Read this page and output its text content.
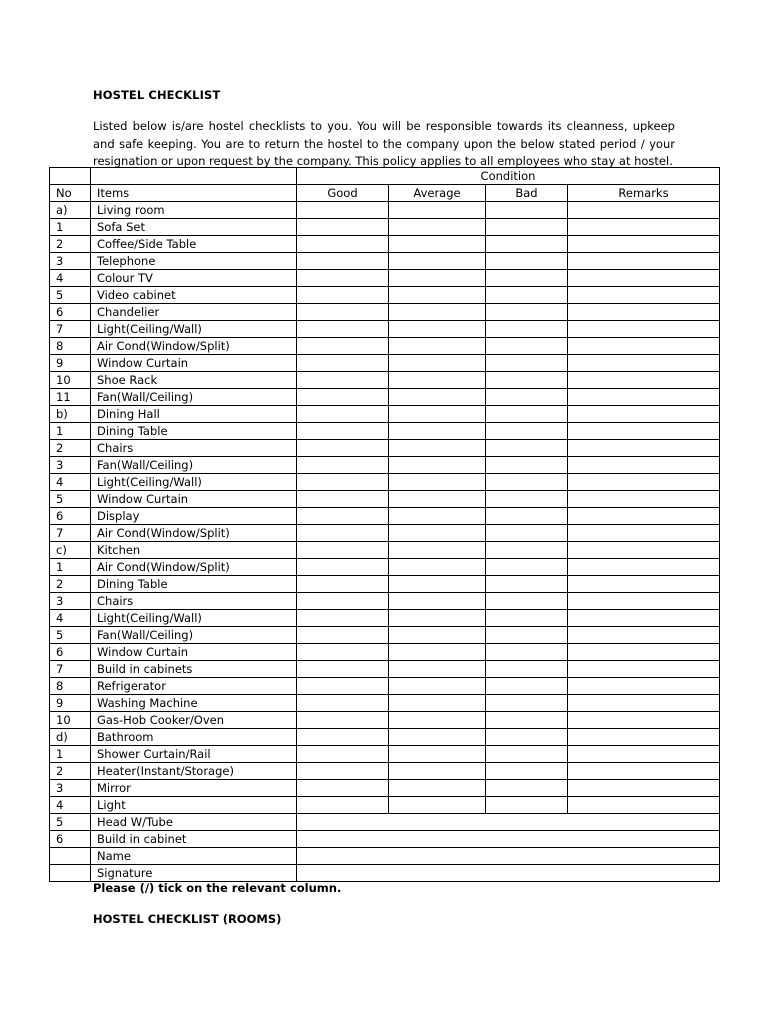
HOSTEL CHECKLIST
Listed below is/are hostel checklists to you. You will be responsible towards its cleanness, upkeep and safe keeping. You are to return the hostel to the company upon the below stated period / your resignation or upon request by the company. This policy applies to all employees who stay at hostel.
		Condition			
No	Items	Good	Average	Bad	Remarks
a)	Living room				
1	Sofa Set				
2	Coffee/Side Table				
3	Telephone				
4	Colour TV				
5	Video cabinet				
6	Chandelier				
7	Light(Ceiling/Wall)				
8	Air Cond(Window/Split)				
9	Window Curtain				
10	Shoe Rack				
11	Fan(Wall/Ceiling)				
b)	Dining Hall				
1	Dining Table				
2	Chairs				
3	Fan(Wall/Ceiling)				
4	Light(Ceiling/Wall)				
5	Window Curtain				
6	Display				
7	Air Cond(Window/Split)				
c)	Kitchen				
1	Air Cond(Window/Split)				
2	Dining Table				
3	Chairs				
4	Light(Ceiling/Wall)				
5	Fan(Wall/Ceiling)				
6	Window Curtain				
7	Build in cabinets				
8	Refrigerator				
9	Washing Machine				
10	Gas-Hob Cooker/Oven				
d)	Bathroom				
1	Shower Curtain/Rail				
2	Heater(Instant/Storage)				
3	Mirror				
4	Light				
5	Head W/Tube				
6	Build in cabinet				
	Name				
	Signature				
Please (/) tick on the relevant column.
HOSTEL CHECKLIST (ROOMS)
